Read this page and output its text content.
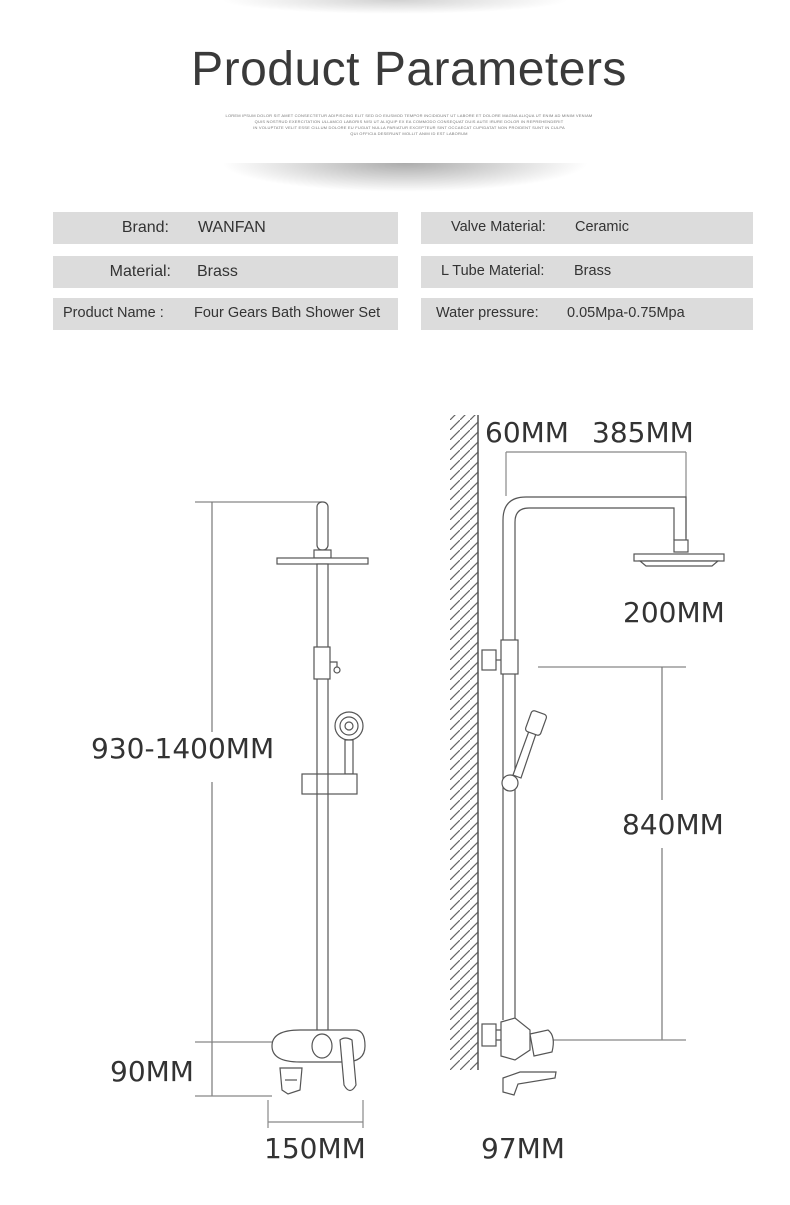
Product Parameters
LOREM IPSUM DOLOR SIT AMET CONSECTETUR ADIPISCING ELIT SED DO EIUSMOD TEMPOR INCIDIDUNT UT LABORE ET DOLORE MAGNA ALIQUA UT ENIM AD MINIM VENIAM
QUIS NOSTRUD EXERCITATION ULLAMCO LABORIS NISI UT ALIQUIP EX EA COMMODO CONSEQUAT DUIS AUTE IRURE DOLOR IN REPREHENDERIT
IN VOLUPTATE VELIT ESSE CILLUM DOLORE EU FUGIAT NULLA PARIATUR EXCEPTEUR SINT OCCAECAT CUPIDATAT NON PROIDENT SUNT IN CULPA
QUI OFFICIA DESERUNT MOLLIT ANIM ID EST LABORUM
Brand: WANFAN
Material: Brass
Product Name : Four Gears Bath Shower Set
Valve Material: Ceramic
L Tube Material: Brass
Water pressure: 0.05Mpa-0.75Mpa
930-1400MM
90MM
150MM
60MM 385MM
200MM
840MM
97MM
